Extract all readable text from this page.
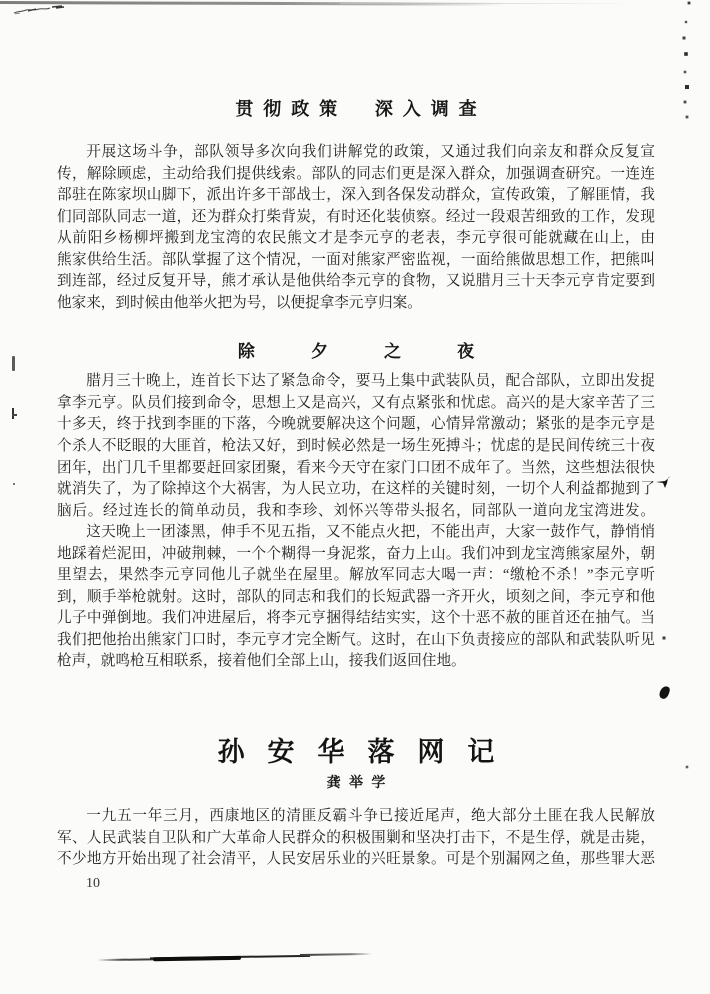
贯彻政策　深入调查
开展这场斗争，部队领导多次向我们讲解党的政策，又通过我们向亲友和群众反复宣
传，解除顾虑，主动给我们提供线索。部队的同志们更是深入群众，加强调查研究。一连连
部驻在陈家坝山脚下，派出许多干部战士，深入到各保发动群众，宣传政策，了解匪情，我
们同部队同志一道，还为群众打柴背炭，有时还化装侦察。经过一段艰苦细致的工作，发现
从前阳乡杨柳坪搬到龙宝湾的农民熊文才是李元亨的老表，李元亨很可能就藏在山上，由
熊家供给生活。部队掌握了这个情况，一面对熊家严密监视，一面给熊做思想工作，把熊叫
到连部，经过反复开导，熊才承认是他供给李元亨的食物，又说腊月三十天李元亨肯定要到
他家来，到时候由他举火把为号，以便捉拿李元亨归案。
除夕之夜
腊月三十晚上，连首长下达了紧急命令，要马上集中武装队员，配合部队，立即出发捉
拿李元亨。队员们接到命令，思想上又是高兴，又有点紧张和忧虑。高兴的是大家辛苦了三
十多天，终于找到李匪的下落，今晚就要解决这个问题，心情异常激动；紧张的是李元亨是
个杀人不眨眼的大匪首，枪法又好，到时候必然是一场生死搏斗；忧虑的是民间传统三十夜
团年，出门几千里都要赶回家团聚，看来今天守在家门口团不成年了。当然，这些想法很快
就消失了，为了除掉这个大祸害，为人民立功，在这样的关键时刻，一切个人利益都抛到了
脑后。经过连长的简单动员，我和李珍、刘怀兴等带头报名，同部队一道向龙宝湾进发。
这天晚上一团漆黑，伸手不见五指，又不能点火把，不能出声，大家一鼓作气，静悄悄
地踩着烂泥田，冲破荆棘，一个个糊得一身泥浆，奋力上山。我们冲到龙宝湾熊家屋外，朝
里望去，果然李元亨同他儿子就坐在屋里。解放军同志大喝一声：“缴枪不杀！”李元亨听
到，顺手举枪就射。这时，部队的同志和我们的长短武器一齐开火，顷刻之间，李元亨和他
儿子中弹倒地。我们冲进屋后，将李元亨捆得结结实实，这个十恶不赦的匪首还在抽气。当
我们把他抬出熊家门口时，李元亨才完全断气。这时，在山下负责接应的部队和武装队听见
枪声，就鸣枪互相联系，接着他们全部上山，接我们返回住地。
孙安华落网记
龚举学
一九五一年三月，西康地区的清匪反霸斗争已接近尾声，绝大部分土匪在我人民解放
军、人民武装自卫队和广大革命人民群众的积极围剿和坚决打击下，不是生俘，就是击毙，
不少地方开始出现了社会清平，人民安居乐业的兴旺景象。可是个别漏网之鱼，那些罪大恶
10
